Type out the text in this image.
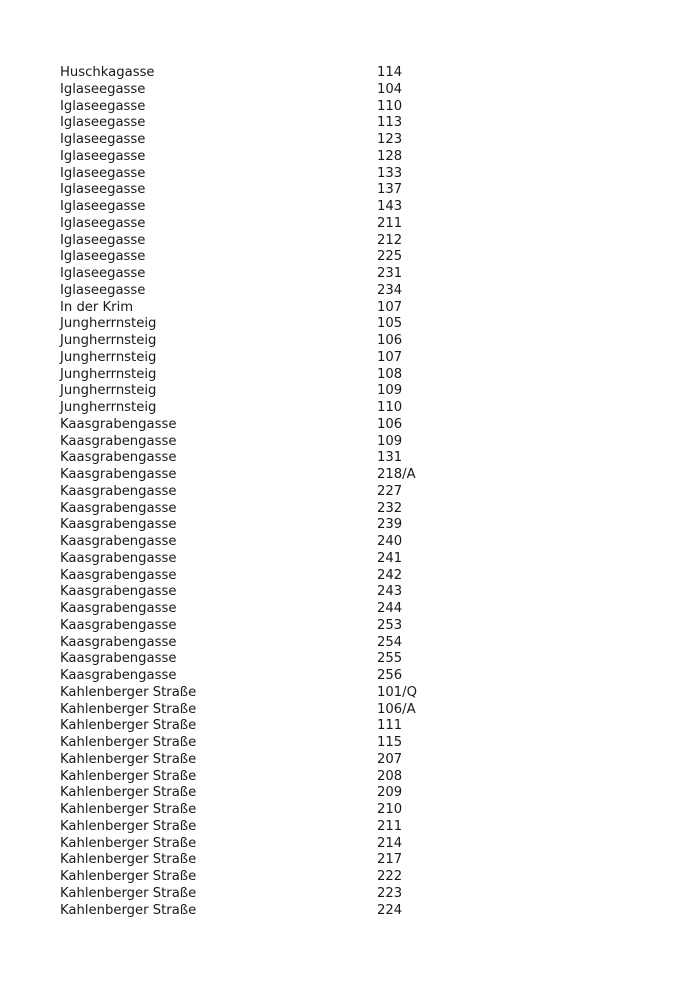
Huschkagasse	114
Iglaseegasse	104
Iglaseegasse	110
Iglaseegasse	113
Iglaseegasse	123
Iglaseegasse	128
Iglaseegasse	133
Iglaseegasse	137
Iglaseegasse	143
Iglaseegasse	211
Iglaseegasse	212
Iglaseegasse	225
Iglaseegasse	231
Iglaseegasse	234
In der Krim	107
Jungherrnsteig	105
Jungherrnsteig	106
Jungherrnsteig	107
Jungherrnsteig	108
Jungherrnsteig	109
Jungherrnsteig	110
Kaasgrabengasse	106
Kaasgrabengasse	109
Kaasgrabengasse	131
Kaasgrabengasse	218/A
Kaasgrabengasse	227
Kaasgrabengasse	232
Kaasgrabengasse	239
Kaasgrabengasse	240
Kaasgrabengasse	241
Kaasgrabengasse	242
Kaasgrabengasse	243
Kaasgrabengasse	244
Kaasgrabengasse	253
Kaasgrabengasse	254
Kaasgrabengasse	255
Kaasgrabengasse	256
Kahlenberger Straße	101/Q
Kahlenberger Straße	106/A
Kahlenberger Straße	111
Kahlenberger Straße	115
Kahlenberger Straße	207
Kahlenberger Straße	208
Kahlenberger Straße	209
Kahlenberger Straße	210
Kahlenberger Straße	211
Kahlenberger Straße	214
Kahlenberger Straße	217
Kahlenberger Straße	222
Kahlenberger Straße	223
Kahlenberger Straße	224
